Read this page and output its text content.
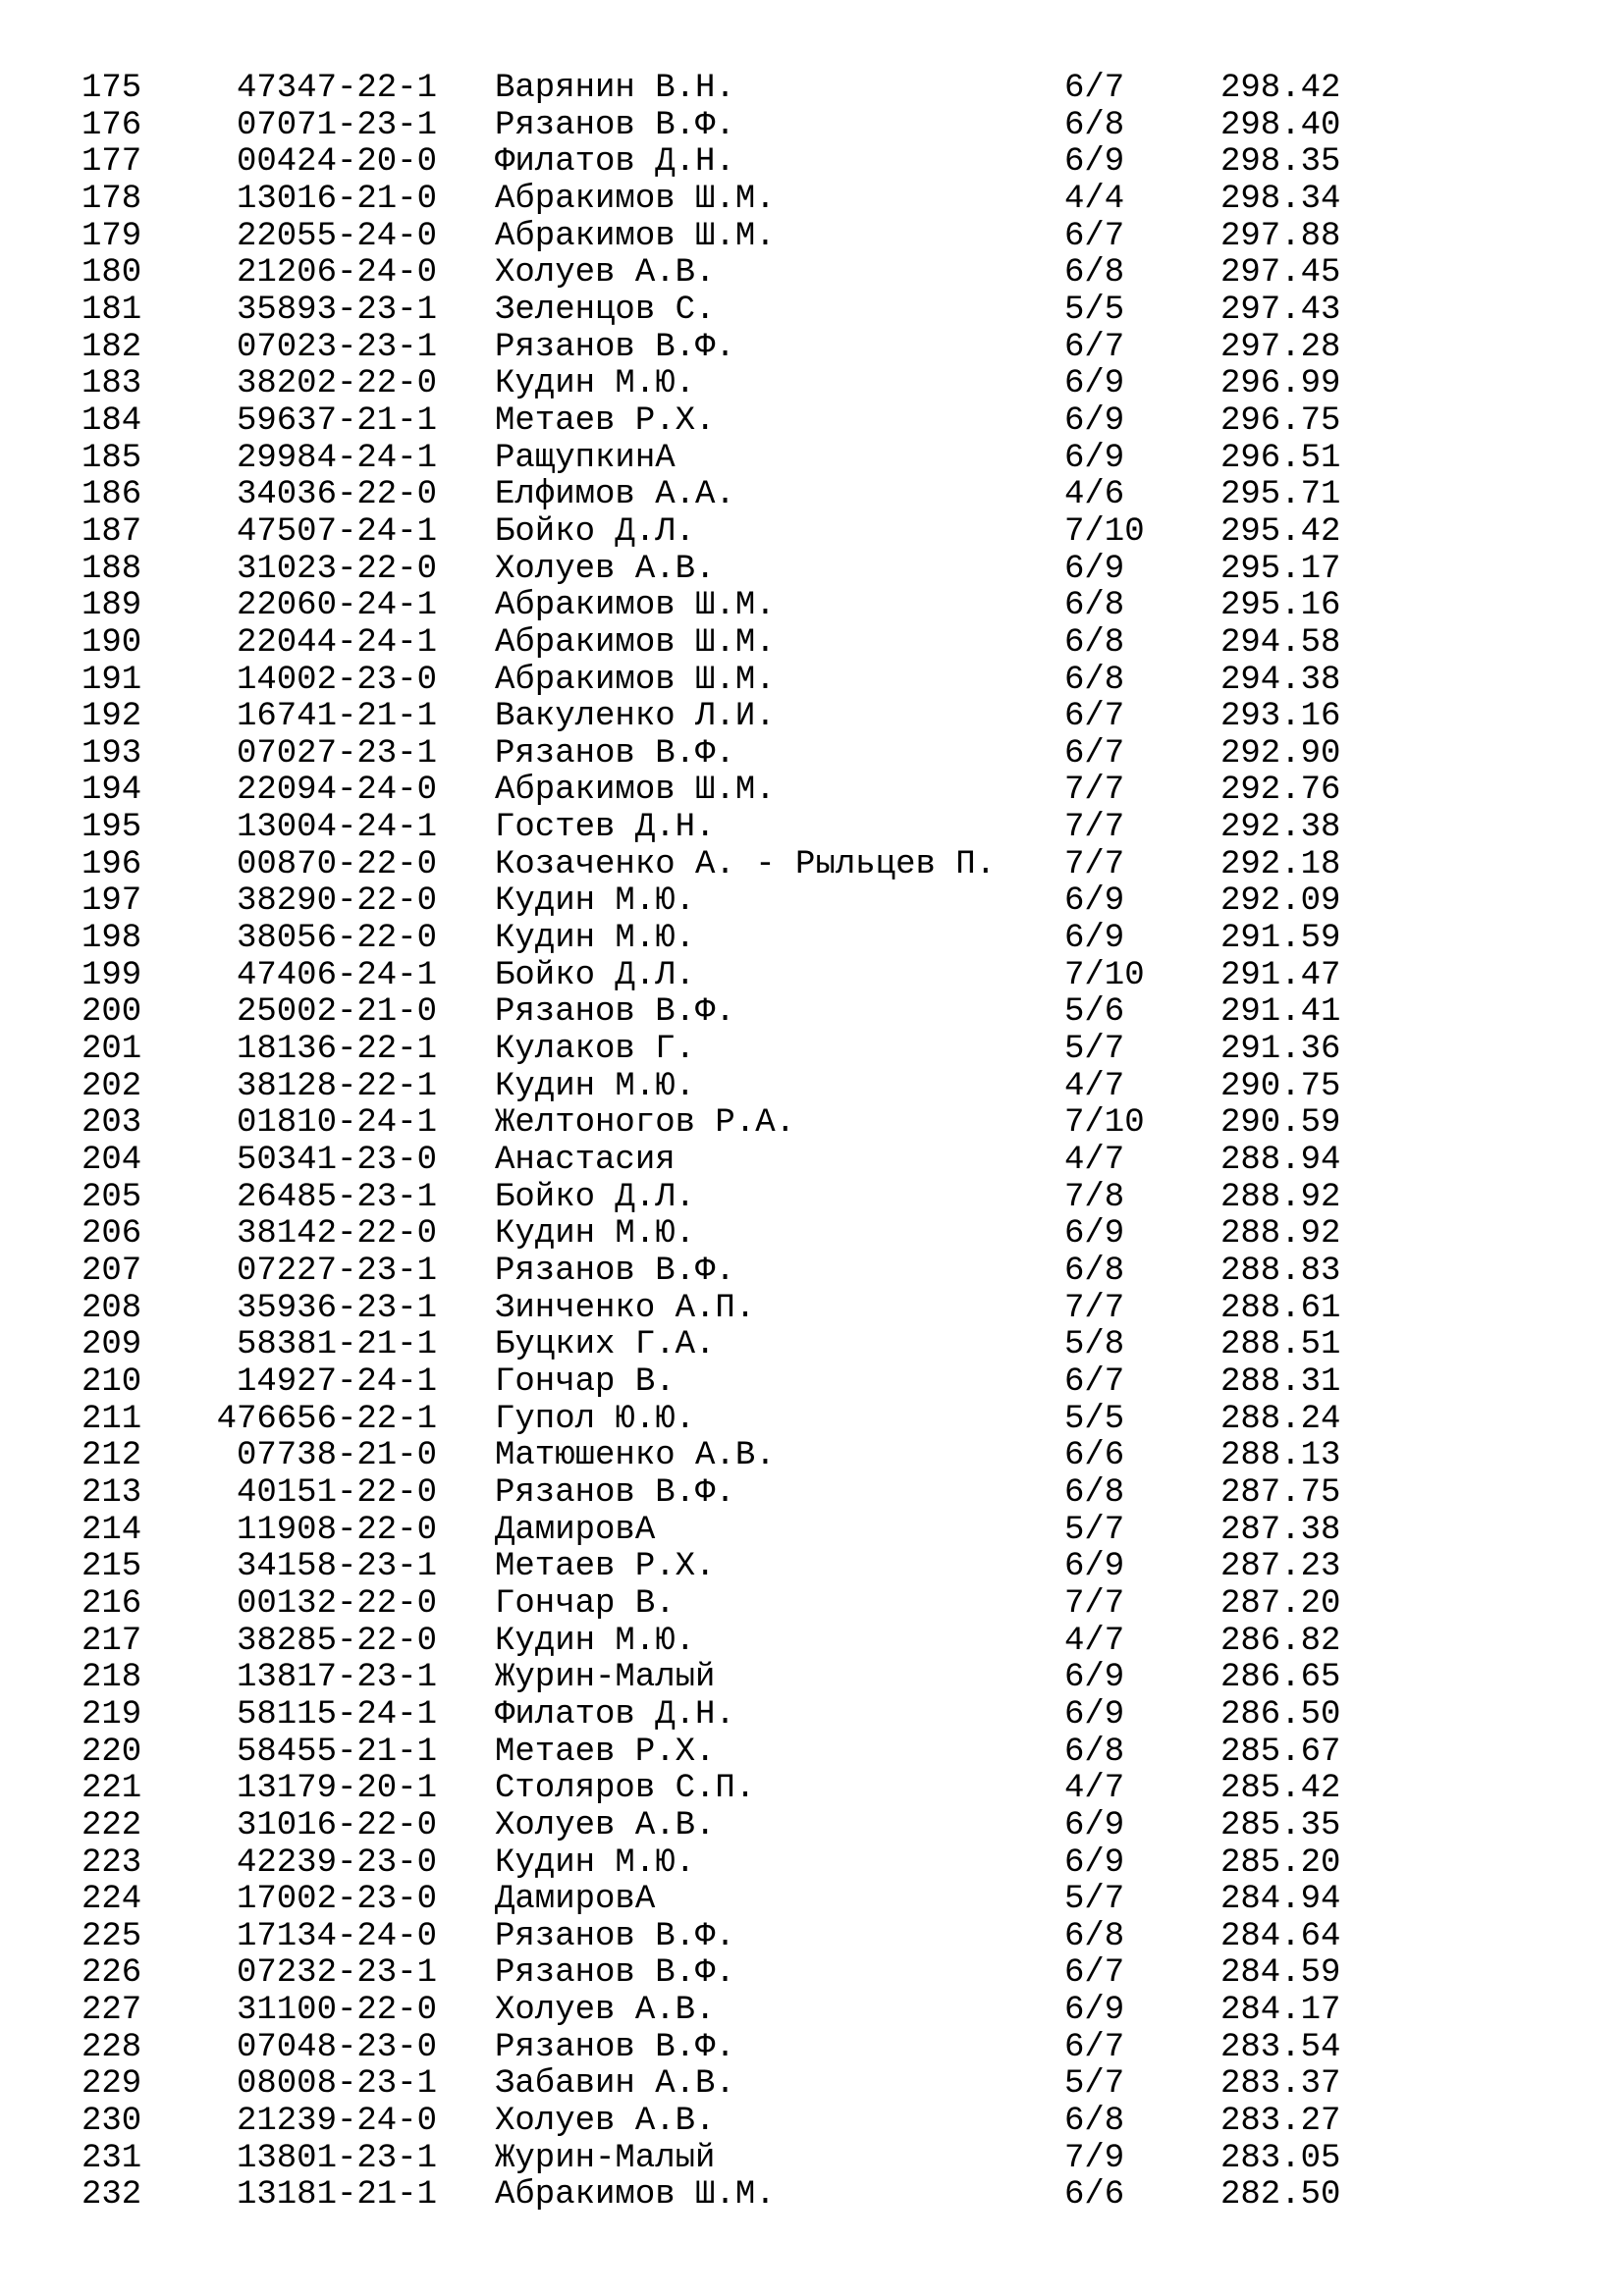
175	47347-22-1	Варянин В.Н.	6/7	298.42
176	07071-23-1	Рязанов В.Ф.	6/8	298.40
177	00424-20-0	Филатов Д.Н.	6/9	298.35
178	13016-21-0	Абракимов Ш.М.	4/4	298.34
179	22055-24-0	Абракимов Ш.М.	6/7	297.88
180	21206-24-0	Холуев А.В.	6/8	297.45
181	35893-23-1	Зеленцов С.	5/5	297.43
182	07023-23-1	Рязанов В.Ф.	6/7	297.28
183	38202-22-0	Кудин М.Ю.	6/9	296.99
184	59637-21-1	Метаев Р.Х.	6/9	296.75
185	29984-24-1	РащупкинА	6/9	296.51
186	34036-22-0	Елфимов А.А.	4/6	295.71
187	47507-24-1	Бойко Д.Л.	7/10	295.42
188	31023-22-0	Холуев А.В.	6/9	295.17
189	22060-24-1	Абракимов Ш.М.	6/8	295.16
190	22044-24-1	Абракимов Ш.М.	6/8	294.58
191	14002-23-0	Абракимов Ш.М.	6/8	294.38
192	16741-21-1	Вакуленко Л.И.	6/7	293.16
193	07027-23-1	Рязанов В.Ф.	6/7	292.90
194	22094-24-0	Абракимов Ш.М.	7/7	292.76
195	13004-24-1	Гостев Д.Н.	7/7	292.38
196	00870-22-0	Козаченко А. - Рыльцев П.	7/7	292.18
197	38290-22-0	Кудин М.Ю.	6/9	292.09
198	38056-22-0	Кудин М.Ю.	6/9	291.59
199	47406-24-1	Бойко Д.Л.	7/10	291.47
200	25002-21-0	Рязанов В.Ф.	5/6	291.41
201	18136-22-1	Кулаков Г.	5/7	291.36
202	38128-22-1	Кудин М.Ю.	4/7	290.75
203	01810-24-1	Желтоногов Р.А.	7/10	290.59
204	50341-23-0	Анастасия	4/7	288.94
205	26485-23-1	Бойко Д.Л.	7/8	288.92
206	38142-22-0	Кудин М.Ю.	6/9	288.92
207	07227-23-1	Рязанов В.Ф.	6/8	288.83
208	35936-23-1	Зинченко А.П.	7/7	288.61
209	58381-21-1	Буцких Г.А.	5/8	288.51
210	14927-24-1	Гончар В.	6/7	288.31
211	476656-22-1	Гупол Ю.Ю.	5/5	288.24
212	07738-21-0	Матюшенко А.В.	6/6	288.13
213	40151-22-0	Рязанов В.Ф.	6/8	287.75
214	11908-22-0	ДамировА	5/7	287.38
215	34158-23-1	Метаев Р.Х.	6/9	287.23
216	00132-22-0	Гончар В.	7/7	287.20
217	38285-22-0	Кудин М.Ю.	4/7	286.82
218	13817-23-1	Журин-Малый	6/9	286.65
219	58115-24-1	Филатов Д.Н.	6/9	286.50
220	58455-21-1	Метаев Р.Х.	6/8	285.67
221	13179-20-1	Столяров С.П.	4/7	285.42
222	31016-22-0	Холуев А.В.	6/9	285.35
223	42239-23-0	Кудин М.Ю.	6/9	285.20
224	17002-23-0	ДамировА	5/7	284.94
225	17134-24-0	Рязанов В.Ф.	6/8	284.64
226	07232-23-1	Рязанов В.Ф.	6/7	284.59
227	31100-22-0	Холуев А.В.	6/9	284.17
228	07048-23-0	Рязанов В.Ф.	6/7	283.54
229	08008-23-1	Забавин А.В.	5/7	283.37
230	21239-24-0	Холуев А.В.	6/8	283.27
231	13801-23-1	Журин-Малый	7/9	283.05
232	13181-21-1	Абракимов Ш.М.	6/6	282.50
